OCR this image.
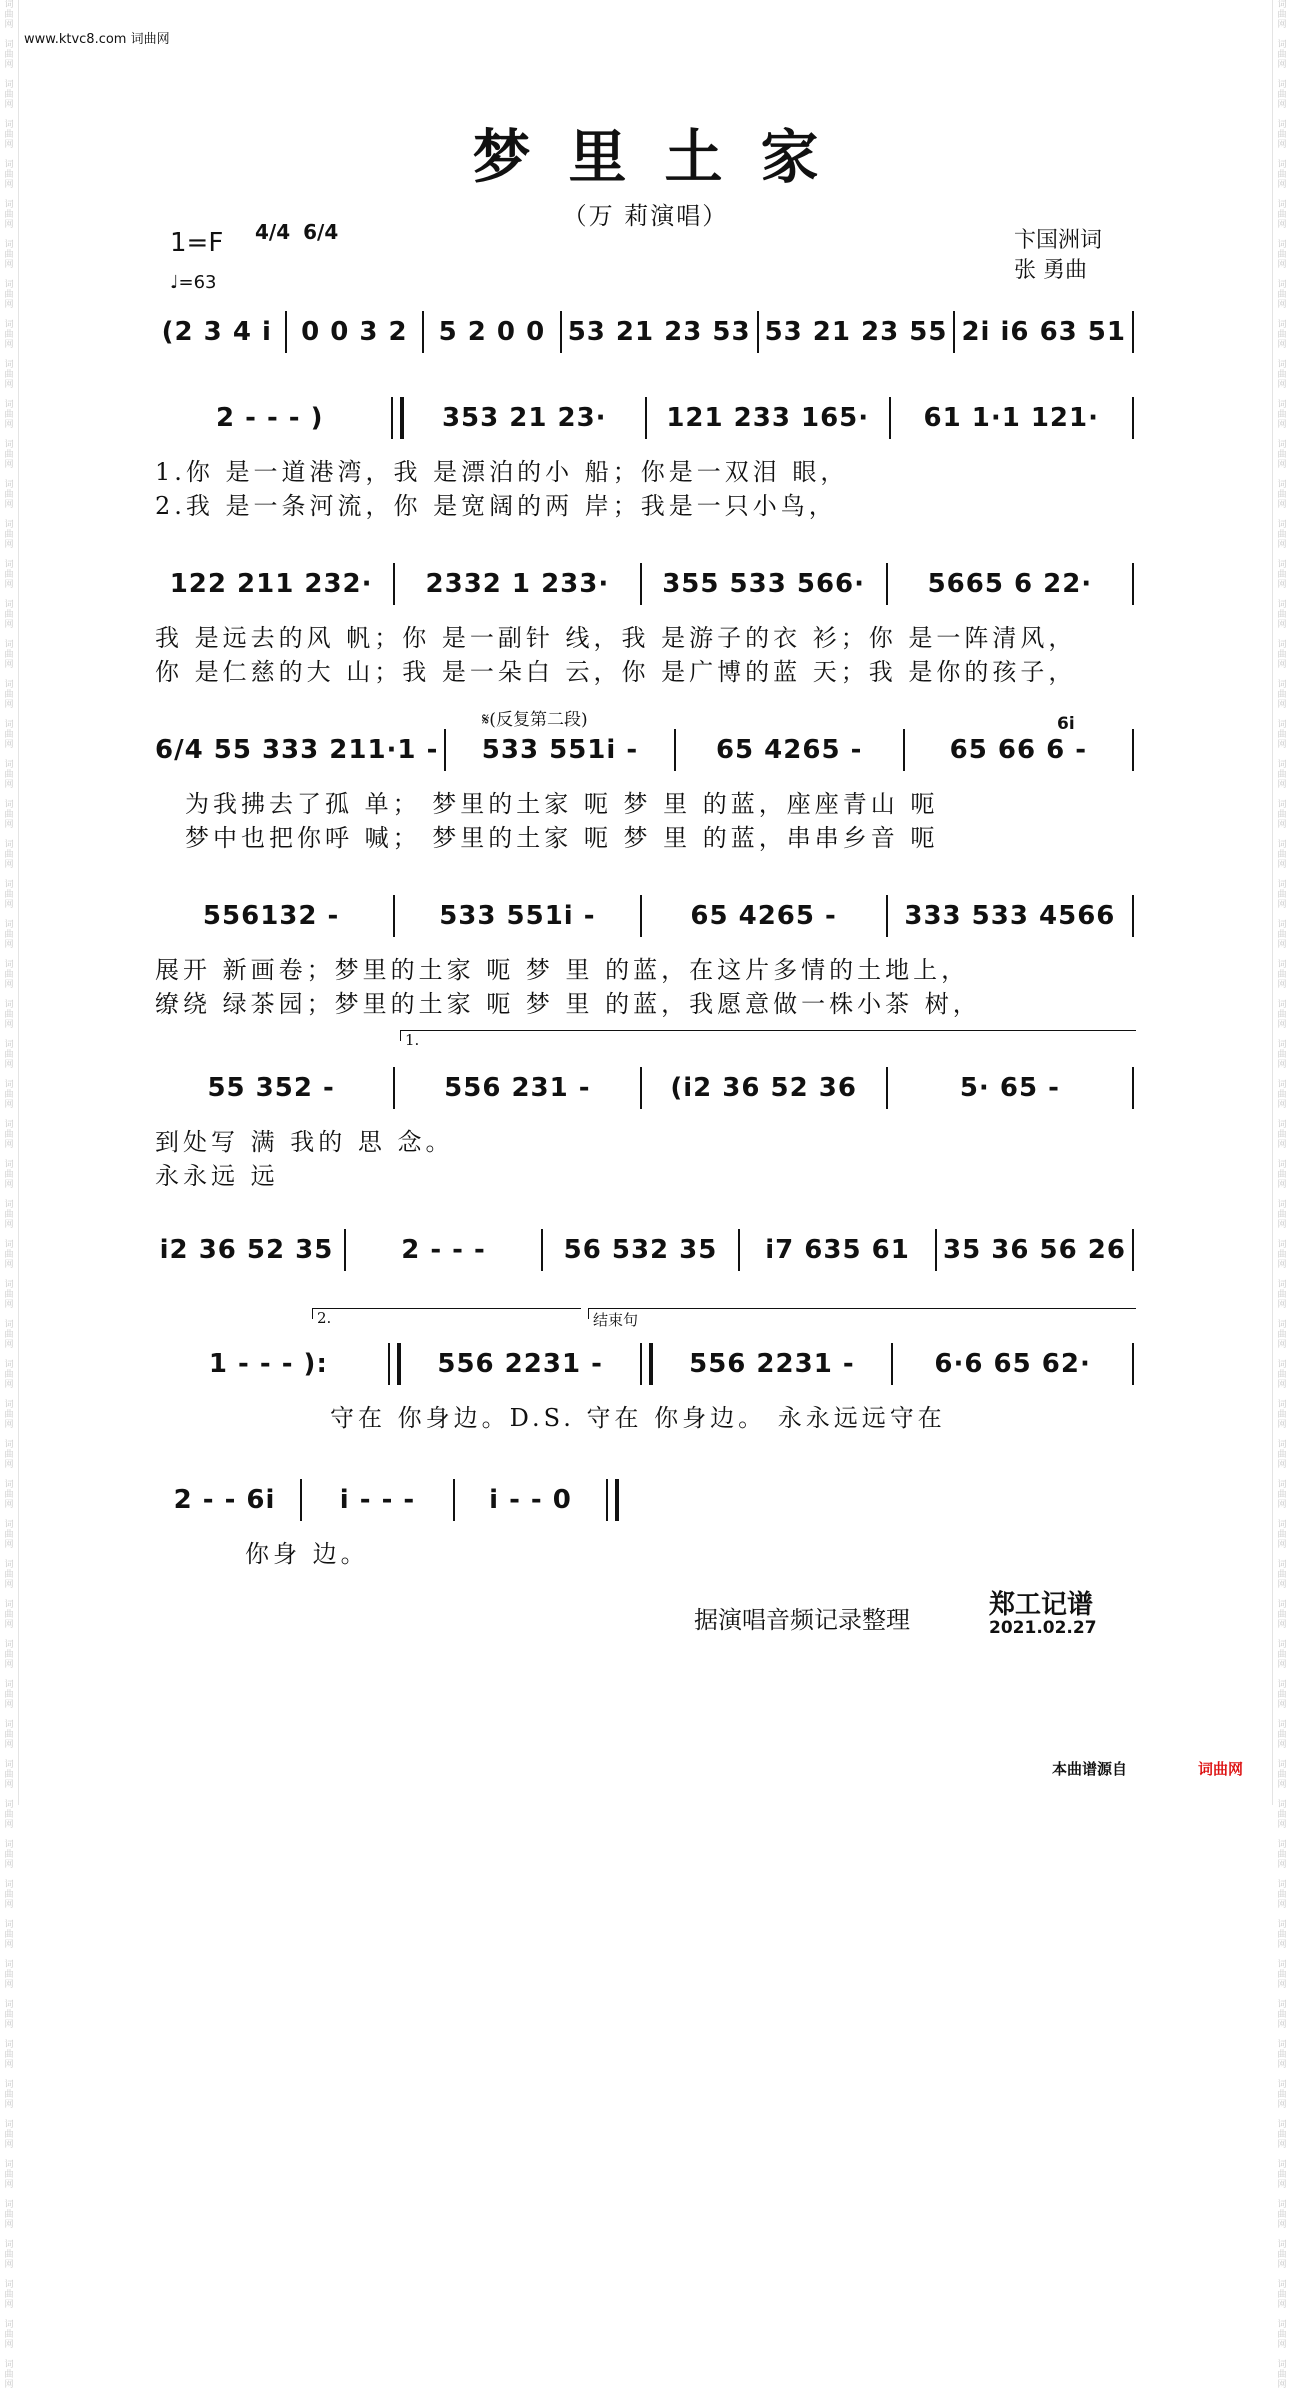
词
曲
网

词
曲
网

词
曲
网

词
曲
网

词
曲
网

词
曲
网

词
曲
网

词
曲
网

词
曲
网

词
曲
网

词
曲
网

词
曲
网

词
曲
网

词
曲
网

词
曲
网

词
曲
网

词
曲
网

词
曲
网

词
曲
网

词
曲
网

词
曲
网

词
曲
网

词
曲
网

词
曲
网

词
曲
网

词
曲
网

词
曲
网

词
曲
网

词
曲
网

词
曲
网

词
曲
网

词
曲
网

词
曲
网

词
曲
网

词
曲
网

词
曲
网

词
曲
网

词
曲
网

词
曲
网

词
曲
网

词
曲
网

词
曲
网

词
曲
网

词
曲
网

词
曲
网

词
曲
网

词
曲
网

词
曲
网

词
曲
网

词
曲
网

词
曲
网

词
曲
网

词
曲
网

词
曲
网

词
曲
网

词
曲
网

词
曲
网

词
曲
网

词
曲
网

词
曲
网
词
曲
网

词
曲
网

词
曲
网

词
曲
网

词
曲
网

词
曲
网

词
曲
网

词
曲
网

词
曲
网

词
曲
网

词
曲
网

词
曲
网

词
曲
网

词
曲
网

词
曲
网

词
曲
网

词
曲
网

词
曲
网

词
曲
网

词
曲
网

词
曲
网

词
曲
网

词
曲
网

词
曲
网

词
曲
网

词
曲
网

词
曲
网

词
曲
网

词
曲
网

词
曲
网

词
曲
网

词
曲
网

词
曲
网

词
曲
网

词
曲
网

词
曲
网

词
曲
网

词
曲
网

词
曲
网

词
曲
网

词
曲
网

词
曲
网

词
曲
网

词
曲
网

词
曲
网

词
曲
网

词
曲
网

词
曲
网

词
曲
网

词
曲
网

词
曲
网

词
曲
网

词
曲
网

词
曲
网

词
曲
网

词
曲
网

词
曲
网

词
曲
网

词
曲
网

词
曲
网
www.ktvc8.com 词曲网
梦里土家
（万 莉演唱）
1=F 4/4 6/4
♩=63
卞国洲词
张 勇曲
(2 3 4 i	0 0 3 2	5 2 0 0 53 21 23 53 53 21 23 55 2i i6 63 51
2 - - - )	353 21 23·	121 233 165·	61 1·1 121·
1.你 是一道港湾，我 是漂泊的小 船；你是一双泪 眼，
2.我 是一条河流，你 是宽阔的两 岸；我是一只小鸟，
122 211 232·	2332 1 233·	355 533 566·	5665 6 22·
我 是远去的风 帆；你 是一副针 线，我 是游子的衣 衫；你 是一阵清风，
你 是仁慈的大 山；我 是一朵白 云，你 是广博的蓝 天；我 是你的孩子，
𝄋(反复第二段)	6i
6/4 55 333 211·1 -	533 551i -	65 4265 -	65 66 6 -
为我拂去了孤 单； 梦里的土家 呃 梦 里 的蓝，座座青山 呃
梦中也把你呼 喊； 梦里的土家 呃 梦 里 的蓝，串串乡音 呃
556132 -	533 551i -	65 4265 -	333 533 4566
展开 新画卷；梦里的土家 呃 梦 里 的蓝，在这片多情的土地上，
缭绕 绿茶园；梦里的土家 呃 梦 里 的蓝，我愿意做一株小茶 树，
1.
55 352 -	556 231 -	(i2 36 52 36	5· 65 -
到处写 满 我的 思 念。
永永远 远
i2 36 52 35	2 - - -	56 532 35	i7 635 61	35 36 56 26
2.	结束句
1 - - - ):	556 2231 -	556 2231 -	6·6 65 62·
守在 你身边。D.S. 守在 你身边。 永永远远守在
2 - - 6i	i - - -	i - - 0
你身 边。
据演唱音频记录整理	郑工记谱
2021.02.27
本曲谱源自	词曲网
